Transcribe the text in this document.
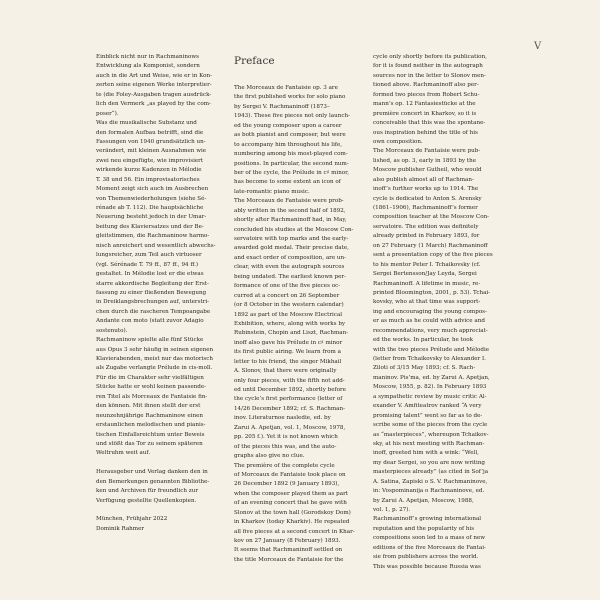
V
Einblick nicht nur in Rachmaninows
Entwicklung als Komponist, sondern
auch in die Art und Weise, wie er in Kon-
zerten seine eigenen Werke interpretier-
te (die Foley-Ausgaben tragen ausdrück-
lich den Vermerk „as played by the com-
poser“).
Was die musikalische Substanz und
den formalen Aufbau betrifft, sind die
Fassungen von 1940 grundsätzlich un-
verändert, mit kleinen Ausnahmen wie
zwei neu eingefügte, wie improvisiert
wirkende kurze Kadenzen in Mélodie
T. 38 und 56. Ein improvisatorisches
Moment zeigt sich auch im Ausbrechen
von Themenwiederholungen (siehe Sé-
rénade ab T. 112). Die hauptsächliche
Neuerung besteht jedoch in der Umar-
beitung des Klaviersatzes und der Be-
gleitstimmen, die Rachmaninow harmo-
nisch anreichert und wesentlich abwechs-
lungsreicher, zum Teil auch virtuoser
(vgl. Sérénade T. 79 ff., 87 ff., 94 ff.)
gestaltet. In Mélodie lost er die etwas
starre akkordische Begleitung der Erst-
fassung zu einer fließenden Bewegung
in Dreiklangsbrechungen auf, unterstri-
chen durch die rascheren Tempoangabe
Andante con moto (statt zuvor Adagio
sostenuto).
Rachmaninow spielte alle fünf Stücke
aus Opus 3 sehr häufig in seinen eigenen
Klavierabenden, meist nur das motorisch
als Zugabe verlangte Prélude in cis-moll.
Für die im Charakter sehr vielfältigen
Stücke hatte er wohl keinen passende-
ren Titel als Morceaux de Fantaisie fin-
den können. Mit ihnen stellt der erst
neunzehnjährige Rachmaninow einen
erstaunlichen melodischen und pianis-
tischen Einfallsreichtum unter Beweis
und stößt das Tor zu seinem späteren
Weltruhm weit auf.
Herausgeber und Verlag danken den in
den Bemerkungen genannten Bibliothe-
ken und Archiven für freundlich zur
Verfügung gestellte Quellenkopien.
München, Frühjahr 2022
Dominik Rahmer
Preface
The Morceaux de Fantaisie op. 3 are
the first published works for solo piano
by Sergei V. Rachmaninoff (1873–
1943). These five pieces not only launch-
ed the young composer upon a career
as both pianist and composer, but were
to accompany him throughout his life,
numbering among his most-played com-
positions. In particular, the second num-
ber of the cycle, the Prélude in c♯ minor,
has become to some extent an icon of
late-romantic piano music.
The Morceaux de Fantaisie were prob-
ably written in the second half of 1892,
shortly after Rachmaninoff had, in May,
concluded his studies at the Moscow Con-
servatoire with top marks and the early-
awarded gold medal. Their precise date,
and exact order of composition, are un-
clear, with even the autograph sources
being undated. The earliest known per-
formance of one of the five pieces oc-
curred at a concert on 26 September
(or 8 October in the western calendar)
1892 as part of the Moscow Electrical
Exhibition, where, along with works by
Rubinstein, Chopin and Liszt, Rachman-
inoff also gave his Prélude in c♯ minor
its first public airing. We learn from a
letter to his friend, the singer Mikhail
A. Slonov, that there were originally
only four pieces, with the fifth not add-
ed until December 1892, shortly before
the cycle’s first performance (letter of
14/26 December 1892; cf. S. Rachman-
inov. Literaturnoe nasledie, ed. by
Zarui A. Apetjan, vol. 1, Moscow, 1978,
pp. 205 f.). Yet it is not known which
of the pieces this was, and the auto-
graphs also give no clue.
The première of the complete cycle
of Morceaux de Fantaisie took place on
26 December 1892 (9 January 1893),
when the composer played them as part
of an evening concert that he gave with
Slonov at the town hall (Gorodskoy Dom)
in Kharkov (today Kharkiv). He repeated
all five pieces at a second concert in Khar-
kov on 27 January (8 February) 1893.
It seems that Rachmaninoff settled on
the title Morceaux de Fantaisie for the
cycle only shortly before its publication,
for it is found neither in the autograph
sources nor in the letter to Slonov men-
tioned above. Rachmaninoff also per-
formed two pieces from Robert Schu-
mann’s op. 12 Fantasiestücke at the
première concert in Kharkov, so it is
conceivable that this was the spontane-
ous inspiration behind the title of his
own composition.
The Morceaux de Fantaisie were pub-
lished, as op. 3, early in 1893 by the
Moscow publisher Gutheil, who would
also publish almost all of Rachman-
inoff’s further works up to 1914. The
cycle is dedicated to Anton S. Arensky
(1861–1906), Rachmaninoff’s former
composition teacher at the Moscow Con-
servatoire. The edition was definitely
already printed in February 1893, for
on 27 February (1 March) Rachmaninoff
sent a presentation copy of the five pieces
to his mentor Peter I. Tchaikovsky (cf.
Sergei Bertensson/Jay Leyda, Sergei
Rachmaninoff. A lifetime in music, re-
printed Bloomington, 2001, p. 53). Tchai-
kovsky, who at that time was support-
ing and encouraging the young compos-
er as much as he could with advice and
recommendations, very much appreciat-
ed the works. In particular, he took
with the two pieces Prélude and Mélodie
(letter from Tchaikovsky to Alexander I.
Ziloti of 3/15 May 1893; cf. S. Rach-
maninov. Pis’ma, ed. by Zarui A. Apetjan,
Moscow, 1955, p. 82). In February 1893
a sympathetic review by music critic Al-
exander V. Amfiteatrov ranked “A very
promising talent” went so far as to de-
scribe some of the pieces from the cycle
as “masterpieces”, whereupon Tchaikov-
sky, at his next meeting with Rachman-
inoff, greeted him with a wink: “Well,
my dear Sergei, so you are now writing
masterpieces already” (as cited in Sof’ja
A. Satina, Zapiski o S. V. Rachmaninove,
in: Vospominanija o Rachmaninove, ed.
by Zarui A. Apetjan, Moscow, 1988,
vol. 1, p. 27).
Rachmaninoff’s growing international
reputation and the popularity of his
compositions soon led to a mass of new
editions of the five Morceaux de Fantai-
sie from publishers across the world.
This was possible because Russia was
